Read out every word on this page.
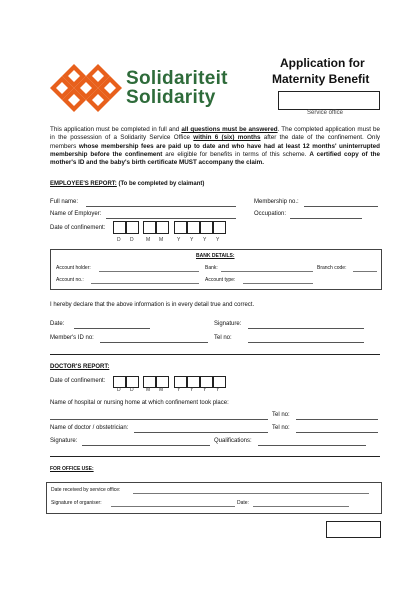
Solidariteit
Solidarity
Application for
Maternity Benefit
Service office
This application must be completed in full and all questions must be answered. The completed application must be in the possession of a Solidarity Service Office within 6 (six) months after the date of the confinement. Only members whose membership fees are paid up to date and who have had at least 12 months' uninterrupted membership before the confinement are eligible for benefits in terms of this scheme. A certified copy of the mother's ID and the baby's birth certificate MUST accompany the claim.
EMPLOYEE'S REPORT: (To be completed by claimant)
Full name:	Membership no.:
Name of Employer:	Occupation:
Date of confinement:
D D M M	Y Y Y Y
BANK DETAILS:
Account holder:	Bank:	Branch code:
Account no.:	Account type:
I hereby declare that the above information is in every detail true and correct.
Date:	Signature:
Member's ID no:	Tel no:
DOCTOR'S REPORT:
Date of confinement:
D D M M	Y Y Y Y
Name of hospital or nursing home at which confinement took place:
Tel no:
Name of doctor / obstetrician:	Tel no:
Signature:	Qualifications:
FOR OFFICE USE:
Date received by service office:
Signature of organiser:	Date:
